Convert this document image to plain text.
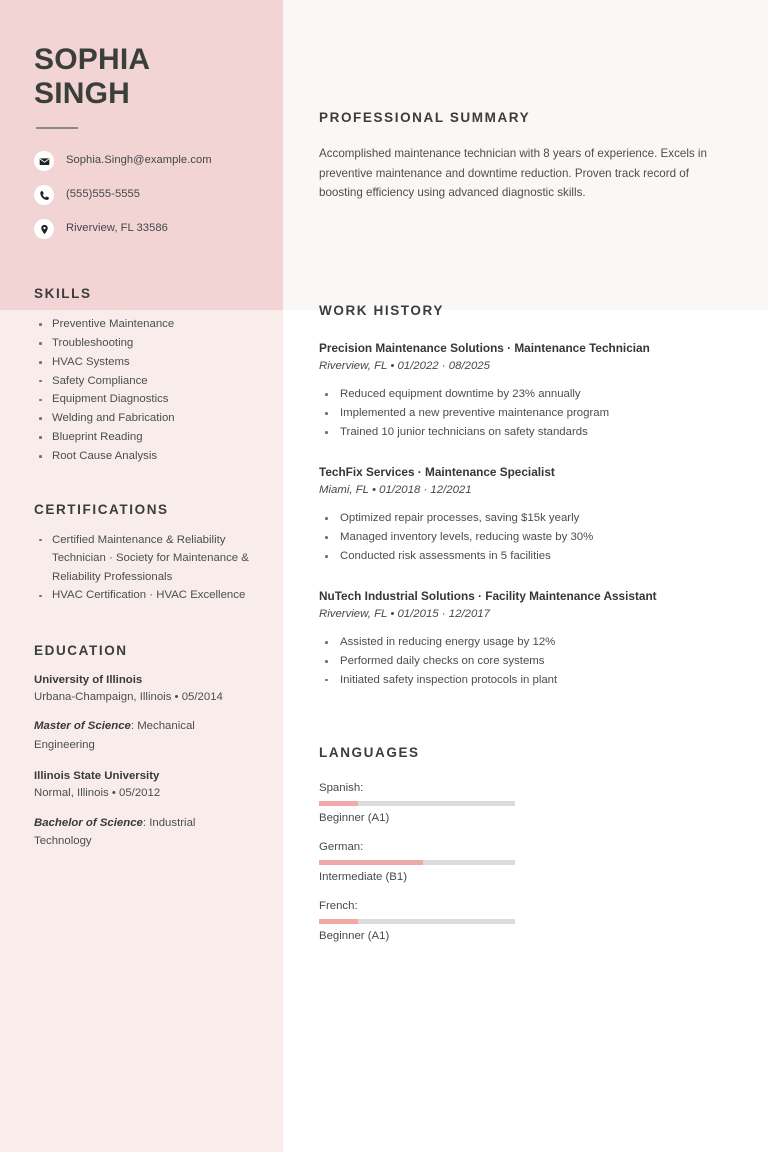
SOPHIA
SINGH
Sophia.Singh@example.com
(555)555-5555
Riverview, FL 33586
SKILLS
Preventive Maintenance
Troubleshooting
HVAC Systems
Safety Compliance
Equipment Diagnostics
Welding and Fabrication
Blueprint Reading
Root Cause Analysis
CERTIFICATIONS
Certified Maintenance & Reliability Technician · Society for Maintenance & Reliability Professionals
HVAC Certification · HVAC Excellence
EDUCATION
University of Illinois
Urbana-Champaign, Illinois • 05/2014
Master of Science: Mechanical Engineering
Illinois State University
Normal, Illinois • 05/2012
Bachelor of Science: Industrial Technology
PROFESSIONAL SUMMARY
Accomplished maintenance technician with 8 years of experience. Excels in preventive maintenance and downtime reduction. Proven track record of boosting efficiency using advanced diagnostic skills.
WORK HISTORY
Precision Maintenance Solutions · Maintenance Technician
Riverview, FL • 01/2022 · 08/2025
Reduced equipment downtime by 23% annually
Implemented a new preventive maintenance program
Trained 10 junior technicians on safety standards
TechFix Services · Maintenance Specialist
Miami, FL • 01/2018 · 12/2021
Optimized repair processes, saving $15k yearly
Managed inventory levels, reducing waste by 30%
Conducted risk assessments in 5 facilities
NuTech Industrial Solutions · Facility Maintenance Assistant
Riverview, FL • 01/2015 · 12/2017
Assisted in reducing energy usage by 12%
Performed daily checks on core systems
Initiated safety inspection protocols in plant
LANGUAGES
Spanish:
Beginner (A1)
German:
Intermediate (B1)
French:
Beginner (A1)
